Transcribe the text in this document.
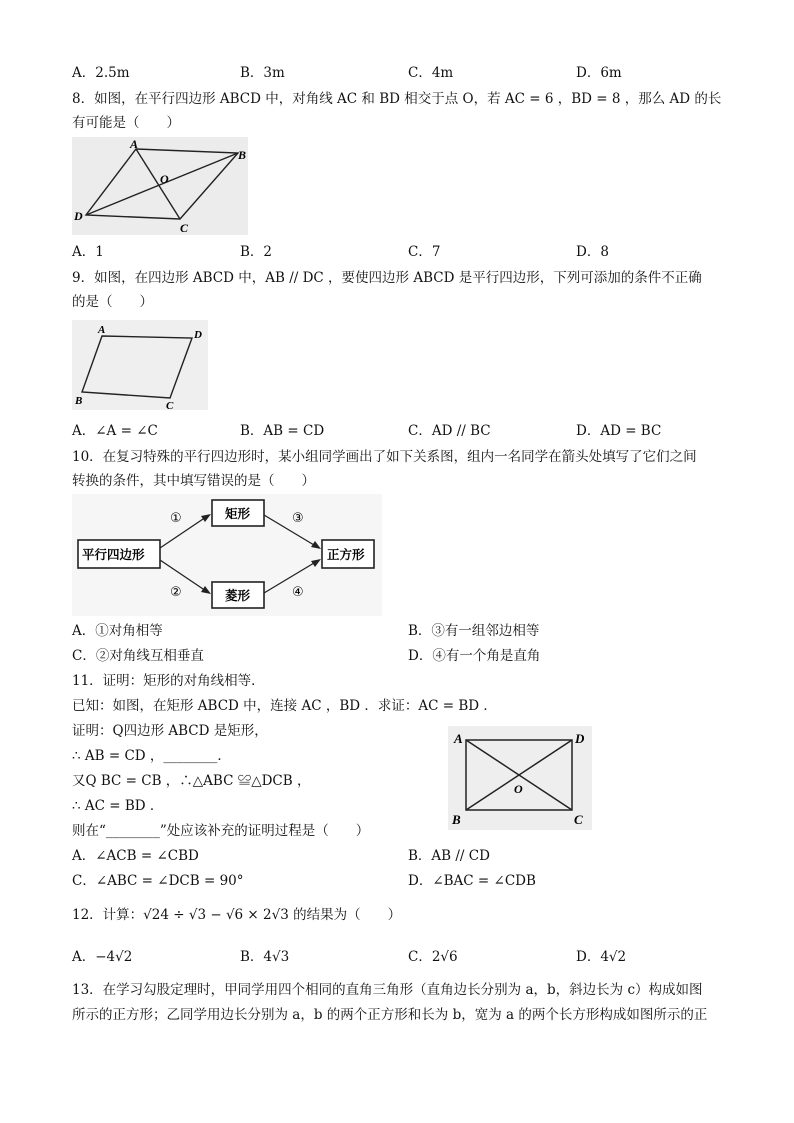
A．2.5m	B．3m	C．4m	D．6m
8．如图，在平行四边形 ABCD 中，对角线 AC 和 BD 相交于点 O，若 AC = 6 ，BD = 8 ，那么 AD 的长
有可能是（　　）
A
B
C
D
O
A．1	B．2	C．7	D．8
9．如图，在四边形 ABCD 中，AB // DC ，要使四边形 ABCD 是平行四边形，下列可添加的条件不正确
的是（　　）
A
B	C
D
A．∠A = ∠C	B．AB = CD	C．AD // BC	D．AD = BC
10．在复习特殊的平行四边形时，某小组同学画出了如下关系图，组内一名同学在箭头处填写了它们之间
转换的条件，其中填写错误的是（　　）
平行四边形
矩形
菱形
正方形
①
②
③
④
A．①对角相等	B．③有一组邻边相等
C．②对角线互相垂直	D．④有一个角是直角
11．证明：矩形的对角线相等．
已知：如图，在矩形 ABCD 中，连接 AC ，BD ．求证：AC = BD ．
证明：Q四边形 ABCD 是矩形，
∴ AB = CD ，________．
又Q BC = CB ，∴△ABC ≌△DCB ，
∴ AC = BD ．
则在“________”处应该补充的证明过程是（　　）
A
B	C
D
O
A．∠ACB = ∠CBD	B．AB // CD
C．∠ABC = ∠DCB = 90°	D．∠BAC = ∠CDB
12．计算：√24 ÷ √3 − √6 × 2√3 的结果为（　　）
A．−4√2	B．4√3	C．2√6	D．4√2
13．在学习勾股定理时，甲同学用四个相同的直角三角形（直角边长分别为 a，b，斜边长为 c）构成如图
所示的正方形；乙同学用边长分别为 a，b 的两个正方形和长为 b，宽为 a 的两个长方形构成如图所示的正
